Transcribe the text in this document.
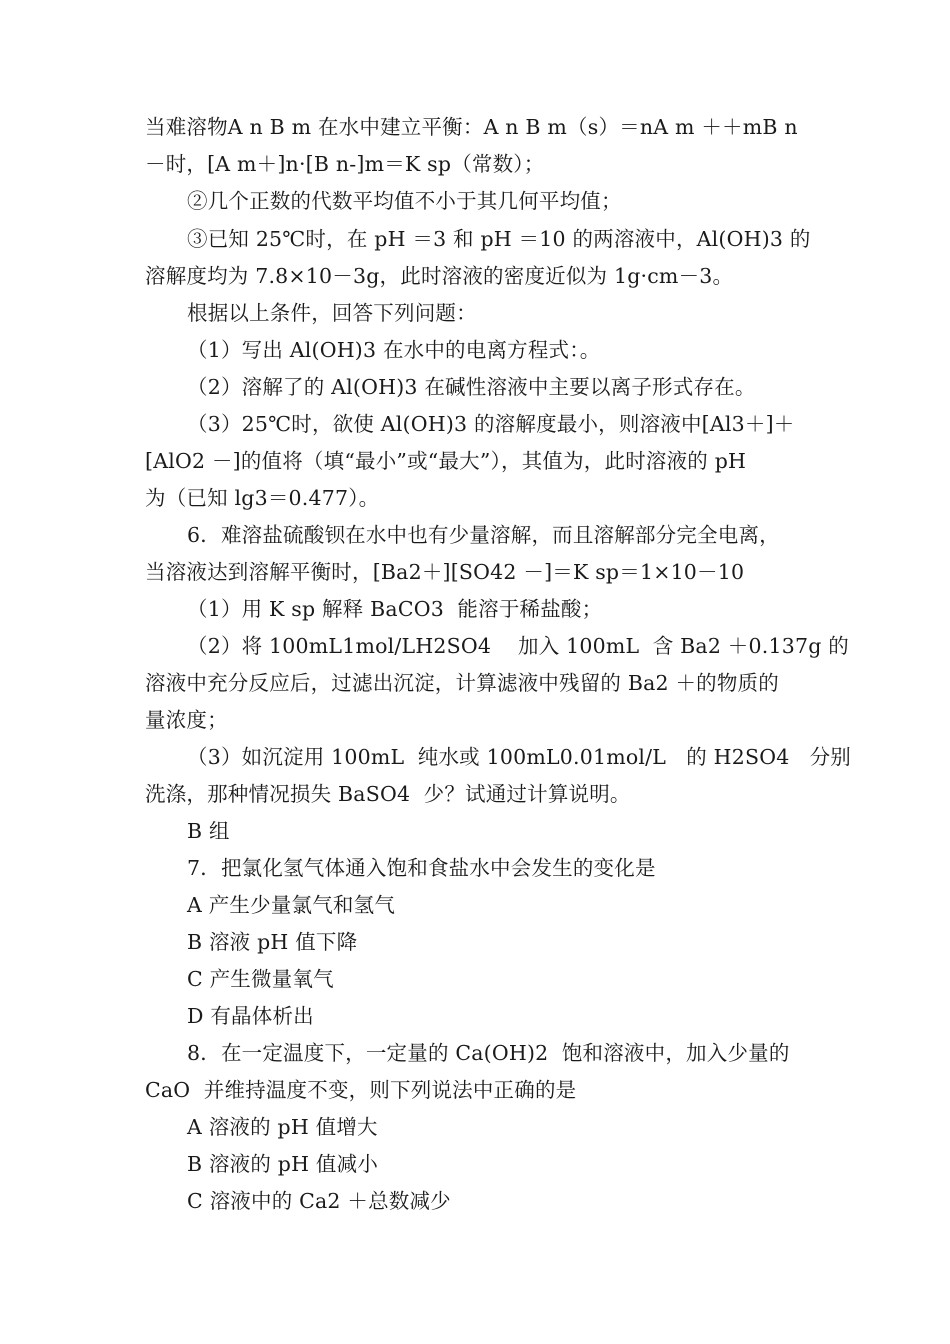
当难溶物A n B m 在水中建立平衡：A n B m（s）＝nA m ＋＋mB n
－时，[A m＋]n·[B n-]m＝K sp（常数）；
②几个正数的代数平均值不小于其几何平均值；
③已知 25℃时，在 pH ＝3 和 pH ＝10 的两溶液中，Al(OH)3 的
溶解度均为 7.8×10－3g，此时溶液的密度近似为 1g·cm－3。
根据以上条件，回答下列问题：
（1）写出 Al(OH)3 在水中的电离方程式：。
（2）溶解了的 Al(OH)3 在碱性溶液中主要以离子形式存在。
（3）25℃时，欲使 Al(OH)3 的溶解度最小，则溶液中[Al3＋]＋
[AlO2 －]的值将（填“最小”或“最大”），其值为，此时溶液的 pH
为（已知 lg3＝0.477）。
6．难溶盐硫酸钡在水中也有少量溶解，而且溶解部分完全电离，
当溶液达到溶解平衡时，[Ba2＋][SO42 －]＝K sp＝1×10－10
（1）用 K sp 解释 BaCO3  能溶于稀盐酸；
（2）将 100mL1mol/LH2SO4    加入 100mL  含 Ba2 ＋0.137g 的
溶液中充分反应后，过滤出沉淀，计算滤液中残留的 Ba2 ＋的物质的
量浓度；
（3）如沉淀用 100mL  纯水或 100mL0.01mol/L   的 H2SO4   分别
洗涤，那种情况损失 BaSO4  少？试通过计算说明。
B 组
7．把氯化氢气体通入饱和食盐水中会发生的变化是
A 产生少量氯气和氢气
B 溶液 pH 值下降
C 产生微量氧气
D 有晶体析出
8．在一定温度下，一定量的 Ca(OH)2  饱和溶液中，加入少量的
CaO  并维持温度不变，则下列说法中正确的是
A 溶液的 pH 值增大
B 溶液的 pH 值减小
C 溶液中的 Ca2 ＋总数减少
